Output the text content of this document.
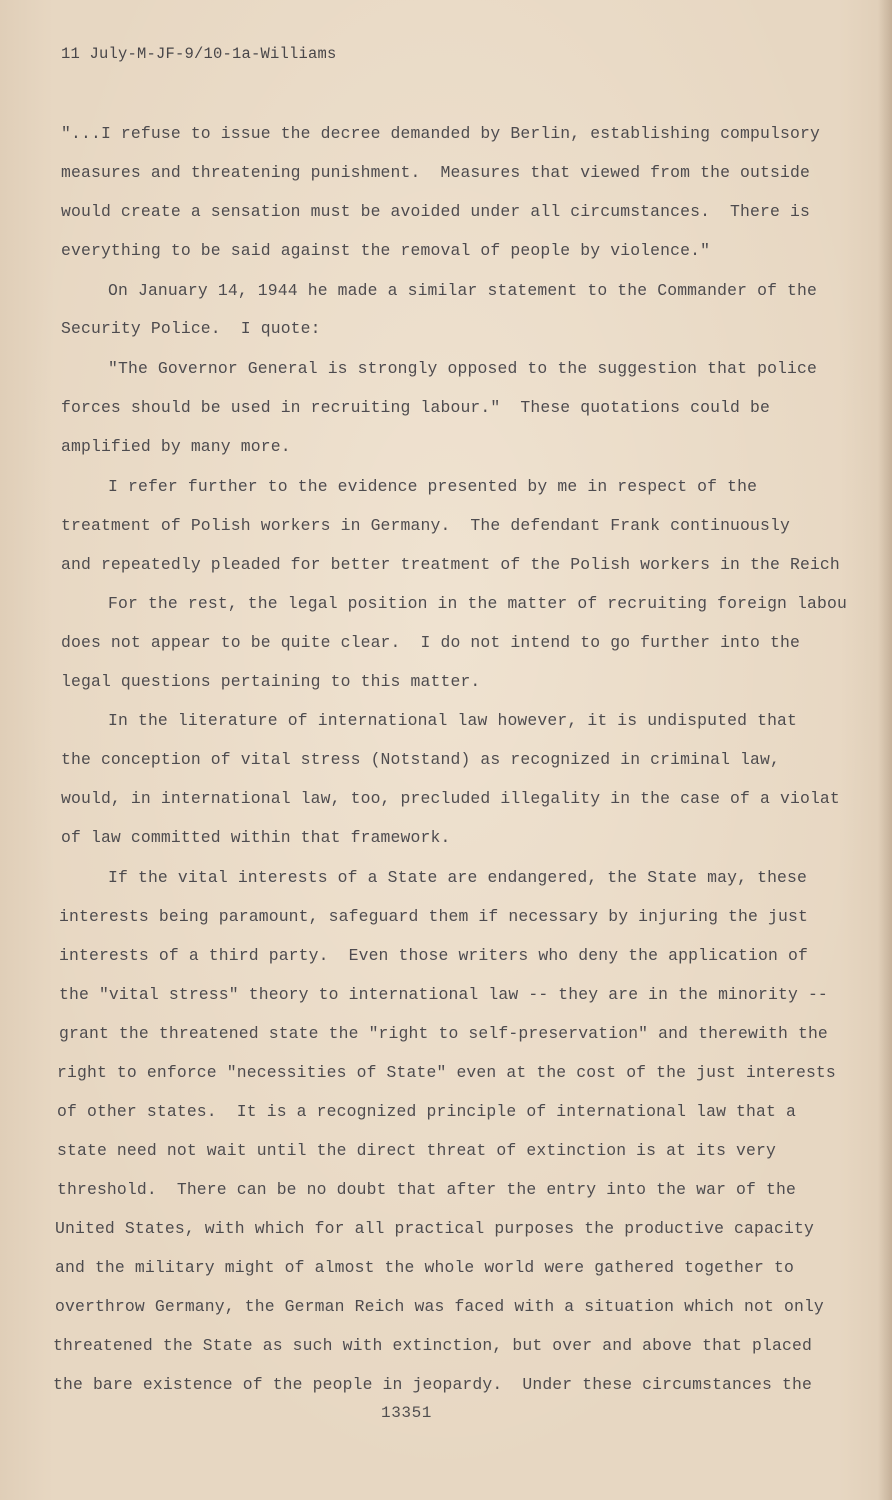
11 July-M-JF-9/10-1a-Williams
"...I refuse to issue the decree demanded by Berlin, establishing compulsory
measures and threatening punishment.  Measures that viewed from the outside
would create a sensation must be avoided under all circumstances.  There is
everything to be said against the removal of people by violence."
On January 14, 1944 he made a similar statement to the Commander of the
Security Police.  I quote:
"The Governor General is strongly opposed to the suggestion that police
forces should be used in recruiting labour."  These quotations could be
amplified by many more.
I refer further to the evidence presented by me in respect of the
treatment of Polish workers in Germany.  The defendant Frank continuously
and repeatedly pleaded for better treatment of the Polish workers in the Reich
For the rest, the legal position in the matter of recruiting foreign labou
does not appear to be quite clear.  I do not intend to go further into the
legal questions pertaining to this matter.
In the literature of international law however, it is undisputed that
the conception of vital stress (Notstand) as recognized in criminal law,
would, in international law, too, precluded illegality in the case of a violat
of law committed within that framework.
If the vital interests of a State are endangered, the State may, these
interests being paramount, safeguard them if necessary by injuring the just
interests of a third party.  Even those writers who deny the application of
the "vital stress" theory to international law -- they are in the minority --
grant the threatened state the "right to self-preservation" and therewith the
right to enforce "necessities of State" even at the cost of the just interests
of other states.  It is a recognized principle of international law that a
state need not wait until the direct threat of extinction is at its very
threshold.  There can be no doubt that after the entry into the war of the
United States, with which for all practical purposes the productive capacity
and the military might of almost the whole world were gathered together to
overthrow Germany, the German Reich was faced with a situation which not only
threatened the State as such with extinction, but over and above that placed
the bare existence of the people in jeopardy.  Under these circumstances the
13351
